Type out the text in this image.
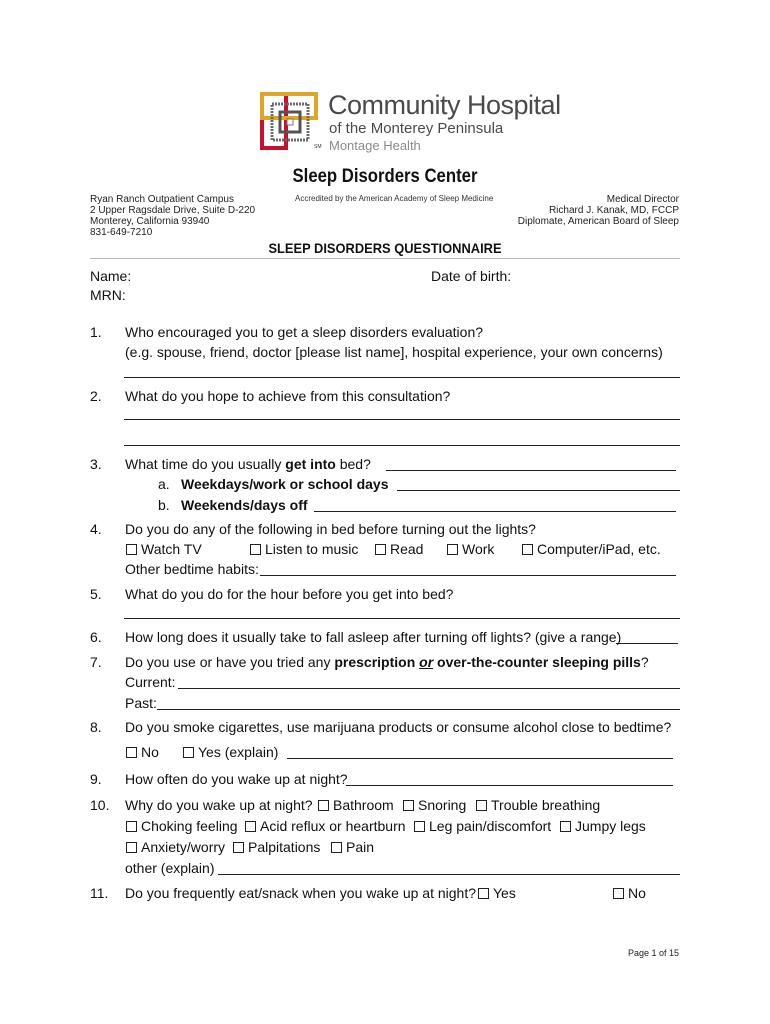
SM
Community Hospital
of the Monterey Peninsula
Montage Health
Sleep Disorders Center
Accredited by the American Academy of Sleep Medicine
Ryan Ranch Outpatient Campus
2 Upper Ragsdale Drive, Suite D-220
Monterey, California 93940
831-649-7210
Medical Director
Richard J. Kanak, MD, FCCP
Diplomate, American Board of Sleep
SLEEP DISORDERS QUESTIONNAIRE
Name:	Date of birth:
MRN:
1. Who encouraged you to get a sleep disorders evaluation?
(e.g. spouse, friend, doctor [please list name], hospital experience, your own concerns)
2. What do you hope to achieve from this consultation?
3. What time do you usually get into bed?
a. Weekdays/work or school days
b. Weekends/days off
4. Do you do any of the following in bed before turning out the lights?
Watch TV	Listen to music	Read	Work	Computer/iPad, etc.
Other bedtime habits:
5. What do you do for the hour before you get into bed?
6. How long does it usually take to fall asleep after turning off lights? (give a range)
7. Do you use or have you tried any prescription or over-the-counter sleeping pills?
Current:
Past:
8. Do you smoke cigarettes, use marijuana products or consume alcohol close to bedtime?
No	Yes (explain)
9. How often do you wake up at night?
10. Why do you wake up at night?	Bathroom	Snoring	Trouble breathing
Choking feeling	Acid reflux or heartburn	Leg pain/discomfort	Jumpy legs
Anxiety/worry	Palpitations	Pain
other (explain)
11. Do you frequently eat/snack when you wake up at night?	Yes	No
Page 1 of 15
